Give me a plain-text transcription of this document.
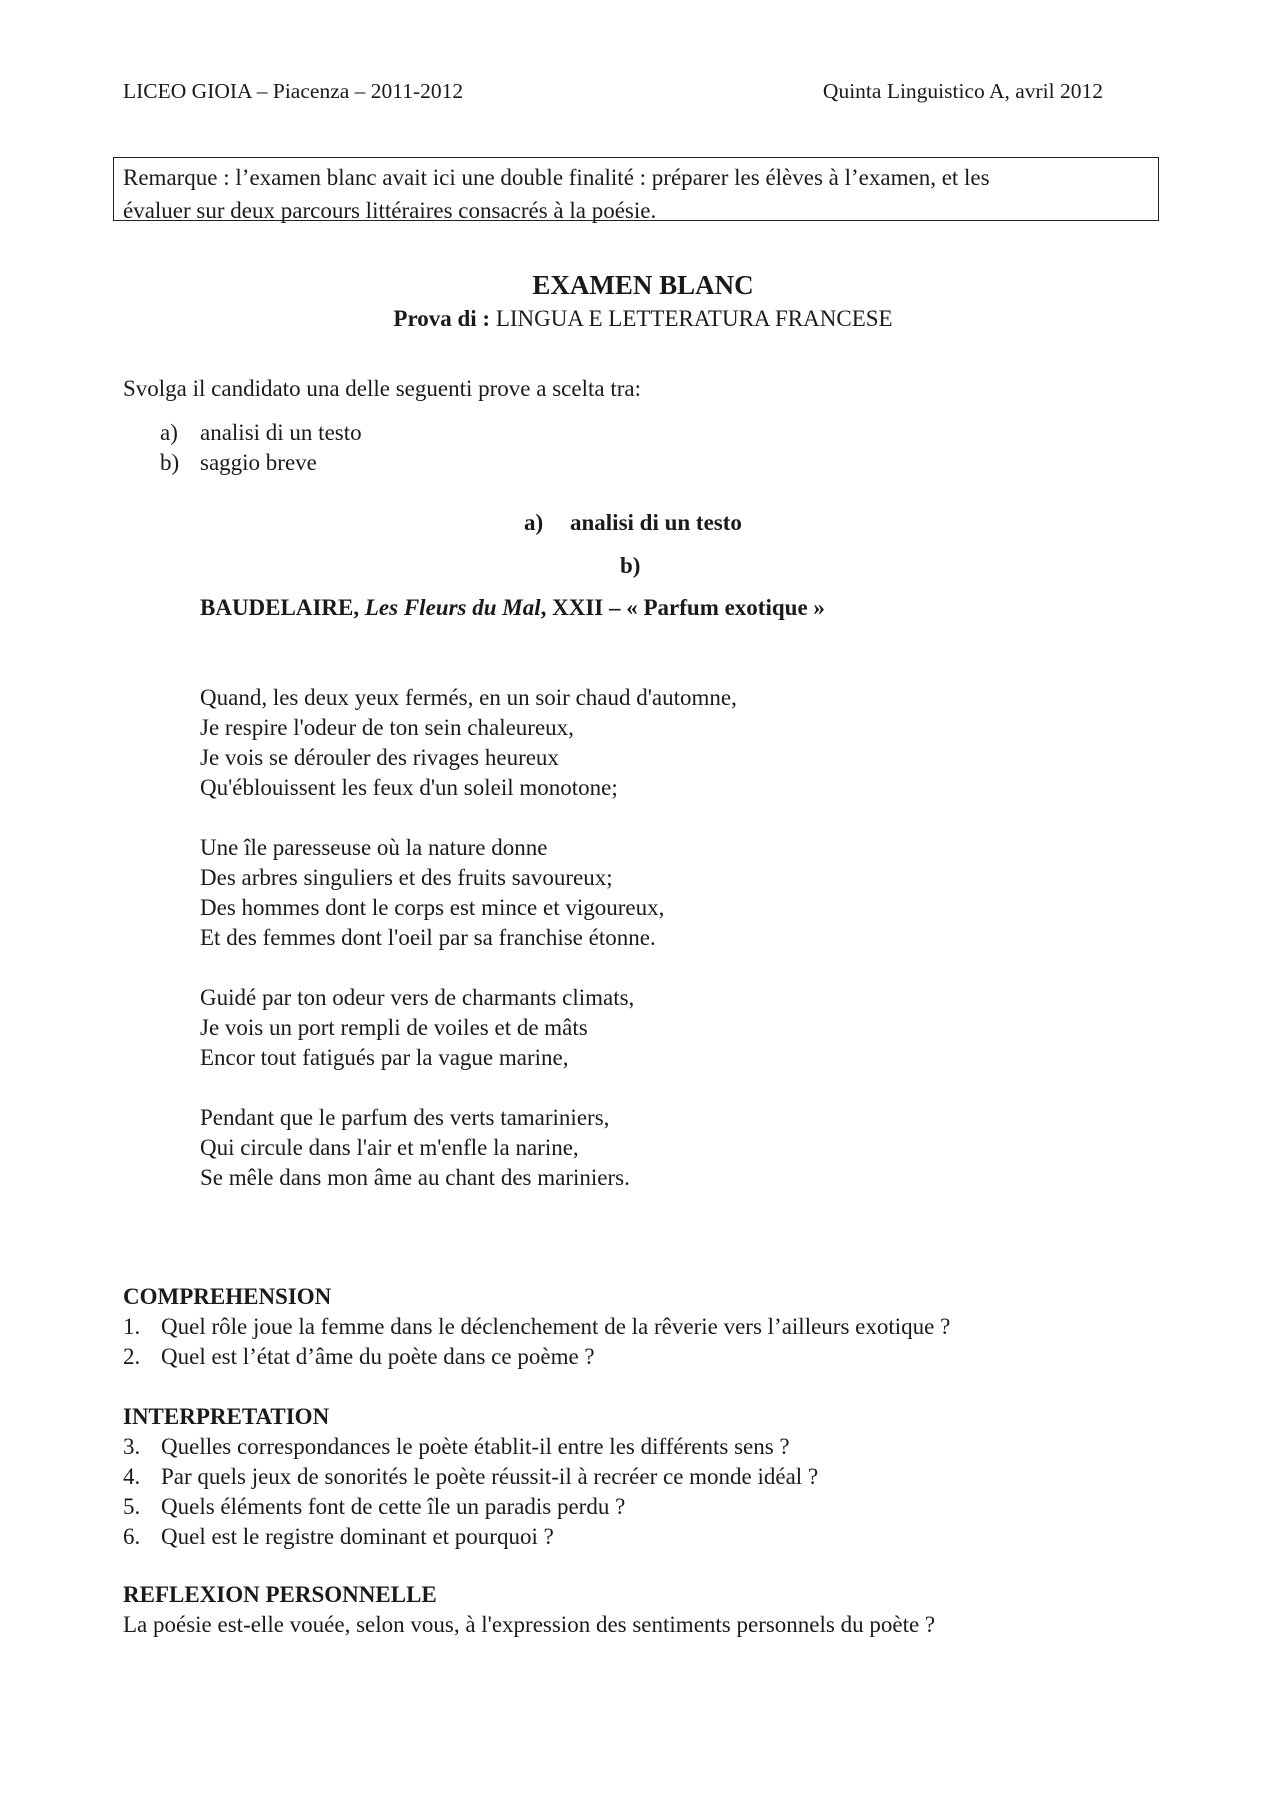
LICEO GIOIA – Piacenza – 2011-2012	Quinta Linguistico A, avril 2012
Remarque : l’examen blanc avait ici une double finalité : préparer les élèves à l’examen, et les
évaluer sur deux parcours littéraires consacrés à la poésie.
EXAMEN BLANC
Prova di : LINGUA E LETTERATURA FRANCESE
Svolga il candidato una delle seguenti prove a scelta tra:
a) analisi di un testo
b) saggio breve
a) analisi di un testo
b)
BAUDELAIRE, Les Fleurs du Mal, XXII – « Parfum exotique »
Quand, les deux yeux fermés, en un soir chaud d'automne,
Je respire l'odeur de ton sein chaleureux,
Je vois se dérouler des rivages heureux
Qu'éblouissent les feux d'un soleil monotone;
Une île paresseuse où la nature donne
Des arbres singuliers et des fruits savoureux;
Des hommes dont le corps est mince et vigoureux,
Et des femmes dont l'oeil par sa franchise étonne.
Guidé par ton odeur vers de charmants climats,
Je vois un port rempli de voiles et de mâts
Encor tout fatigués par la vague marine,
Pendant que le parfum des verts tamariniers,
Qui circule dans l'air et m'enfle la narine,
Se mêle dans mon âme au chant des mariniers.
COMPREHENSION
1. Quel rôle joue la femme dans le déclenchement de la rêverie vers l’ailleurs exotique ?
2. Quel est l’état d’âme du poète dans ce poème ?
INTERPRETATION
3. Quelles correspondances le poète établit-il entre les différents sens ?
4. Par quels jeux de sonorités le poète réussit-il à recréer ce monde idéal ?
5. Quels éléments font de cette île un paradis perdu ?
6. Quel est le registre dominant et pourquoi ?
REFLEXION PERSONNELLE
La poésie est-elle vouée, selon vous, à l'expression des sentiments personnels du poète ?
